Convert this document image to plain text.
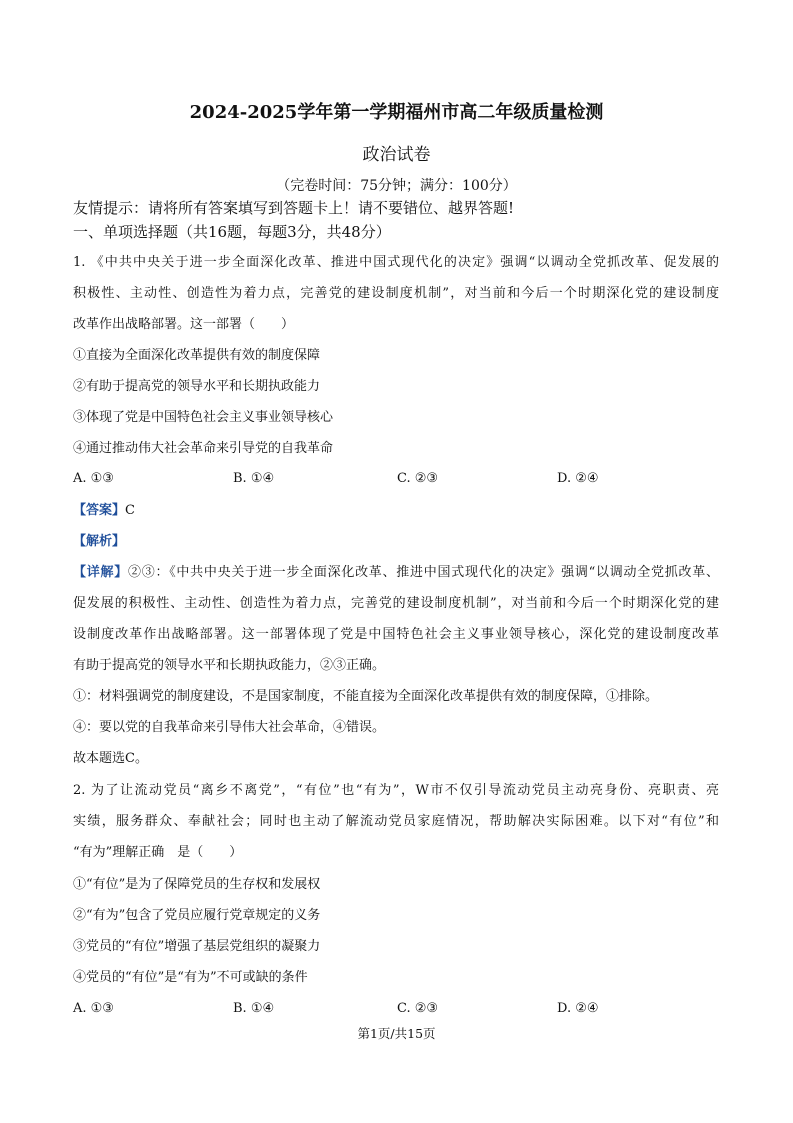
2024-2025学年第一学期福州市高二年级质量检测
政治试卷
（完卷时间：75分钟；满分：100分）
友情提示：请将所有答案填写到答题卡上！请不要错位、越界答题!
一、单项选择题（共16题，每题3分，共48分）
1. 《中共中央关于进一步全面深化改革、推进中国式现代化的决定》强调“以调动全党抓改革、促发展的
积极性、主动性、创造性为着力点，完善党的建设制度机制”，对当前和今后一个时期深化党的建设制度
改革作出战略部署。这一部署（　　）
①直接为全面深化改革提供有效的制度保障
②有助于提高党的领导水平和长期执政能力
③体现了党是中国特色社会主义事业领导核心
④通过推动伟大社会革命来引导党的自我革命
A. ①③	B. ①④	C. ②③	D. ②④
【答案】C
【解析】
【详解】②③：《中共中央关于进一步全面深化改革、推进中国式现代化的决定》强调“以调动全党抓改革、
促发展的积极性、主动性、创造性为着力点，完善党的建设制度机制”，对当前和今后一个时期深化党的建
设制度改革作出战略部署。这一部署体现了党是中国特色社会主义事业领导核心，深化党的建设制度改革
有助于提高党的领导水平和长期执政能力，②③正确。
①：材料强调党的制度建设，不是国家制度，不能直接为全面深化改革提供有效的制度保障，①排除。
④：要以党的自我革命来引导伟大社会革命，④错误。
故本题选C。
2. 为了让流动党员“离乡不离党”，“有位”也“有为”，W市不仅引导流动党员主动亮身份、亮职责、亮
实绩，服务群众、奉献社会；同时也主动了解流动党员家庭情况，帮助解决实际困难。以下对“有位”和
“有为”理解正确　是（　　）
①“有位”是为了保障党员的生存权和发展权
②“有为”包含了党员应履行党章规定的义务
③党员的“有位”增强了基层党组织的凝聚力
④党员的“有位”是“有为”不可或缺的条件
A. ①③	B. ①④	C. ②③	D. ②④
第1页/共15页
